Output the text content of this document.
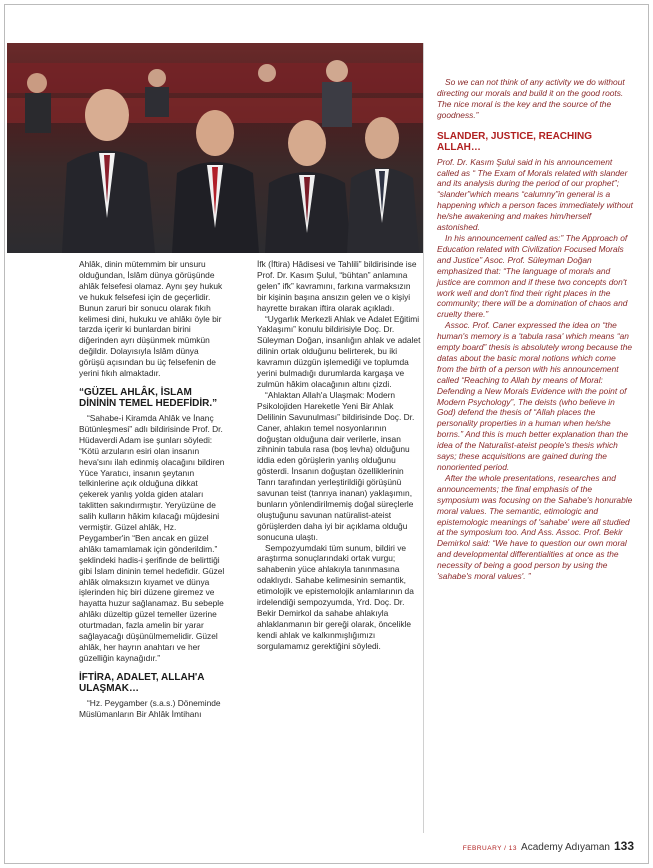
Ahlâk, dinin mütemmim bir unsuru olduğundan, İslâm dünya görüşünde ahlâk felsefesi olamaz. Aynı şey hukuk ve hukuk felsefesi için de geçerlidir. Bunun zaruri bir sonucu olarak fıkıh kelimesi dini, hukuku ve ahlâkı öyle bir tarzda içerir ki bunlardan birini diğerinden ayrı düşünmek mümkün değildir. Dolayısıyla İslâm dünya görüşü açısından bu üç felsefenin de yerini fıkıh almaktadır.

“GÜZEL AHLÂK, İSLAM DİNİNİN TEMEL HEDEFİDİR.”

“Sahabe-i Kiramda Ahlâk ve İnanç Bütünleşmesi” adlı bildirisinde Prof. Dr. Hüdaverdi Adam ise şunları söyledi: “Kötü arzuların esiri olan insanın heva'sını ilah edinmiş olacağını bildiren Yüce Yaratıcı, insanın şeytanın telkinlerine açık olduğuna dikkat çekerek yanlış yolda giden ataları taklitten sakındırmıştır. Yeryüzüne de salih kulların hâkim kılacağı müjdesini vermiştir. Güzel ahlâk, Hz. Peygamber'in “Ben ancak en güzel ahlâkı tamamlamak için gönderildim.” şeklindeki hadis-i şerifinde de belirttiği gibi İslam dininin temel hedefidir. Güzel ahlâk olmaksızın kıyamet ve dünya işlerinden hiç biri düzene giremez ve hayatta huzur sağlanamaz. Bu sebeple ahlâkı düzeltip güzel temeller üzerine oturtmadan, fazla amelin bir yarar sağlayacağı düşünülmemelidir. Güzel ahlâk, her hayrın anahtarı ve her güzelliğin kaynağıdır.”

İFTİRA, ADALET, ALLAH'A ULAŞMAK…

“Hz. Peygamber (s.a.s.) Döneminde Müslümanların Bir Ahlâk İmtihanı

İfk (İftira) Hâdisesi ve Tahlili” bildirisinde ise Prof. Dr. Kasım Şulul, “bühtan” anlamına gelen” ifk” kavramını, farkına varmaksızın bir kişinin başına ansızın gelen ve o kişiyi hayrette bırakan iftira olarak açıkladı.

“Uygarlık Merkezli Ahlak ve Adalet Eğitimi Yaklaşımı” konulu bildirisiyle Doç. Dr. Süleyman Doğan, insanlığın ahlak ve adalet dilinin ortak olduğunu belirterek, bu iki kavramın düzgün işlemediği ve toplumda yerini bulmadığı durumlarda kargaşa ve zulmün hâkim olacağının altını çizdi.

“Ahlaktan Allah'a Ulaşmak: Modern Psikolojiden Hareketle Yeni Bir Ahlak Delilinin Savunulması” bildirisinde Doç. Dr. Caner, ahlakın temel nosyonlarının doğuştan olduğuna dair verilerle, insan zihninin tabula rasa (boş levha) olduğunu iddia eden görüşlerin yanlış olduğunu gösterdi. İnsanın doğuştan özelliklerinin Tanrı tarafından yerleştirildiği görüşünü savunan teist (tanrıya inanan) yaklaşımın, bunların yönlendirilmemiş doğal süreçlerle oluştuğunu savunan natüralist-ateist görüşlerden daha iyi bir açıklama olduğu sonucuna ulaştı.

Sempozyumdaki tüm sunum, bildiri ve araştırma sonuçlarındaki ortak vurgu; sahabenin yüce ahlakıyla tanınmasına odaklıydı. Sahabe kelimesinin semantik, etimolojik ve epistemolojik anlamlarının da irdelendiği sempozyumda, Yrd. Doç. Dr. Bekir Demirkol da sahabe ahlakıyla ahlaklanmanın bir gereği olarak, öncelikle kendi ahlak ve kalkınmışlığımızı sorgulamamız gerektiğini söyledi.

So we can not think of any activity we do without directing our morals and build it on the good roots. The nice moral is the key and the source of the goodness.”

SLANDER, JUSTICE, REACHING ALLAH…

Prof. Dr. Kasım Şului said in his announcement called as “ The Exam of Morals related with slander and its analysis during the period of our prophet”; “slander”which means “calumny”in general is a happening which a person faces immediately without he/she awakening and makes him/herself astonished.

In his announcement called as:” The Approach of Education related with Civilization Focused Morals and Justice” Asoc. Prof. Süleyman Doğan emphasized that: “The language of morals and justice are common and if these two concepts don't work well and don't find their right places in the community; there will be a domination of chaos and cruelty there.”

Assoc. Prof. Caner expressed the idea on “the human's memory is a 'tabula rasa' which means “an empty board” thesis is absolutely wrong because the datas about the basic moral notions which come from the birth of a person with his announcement called “Reaching to Allah by means of Moral: Defending a New Morals Evidence with the point of Modern Psychology”, The deists (who believe in God) defend the thesis of “Allah places the personality properties in a human when he/she borns.” And this is much better explanation than the idea of the Naturalist-ateist people's thesis which says; these acquisitions are gained during the nonoriented period.

After the whole presentations, researches and announcements; the final emphasis of the symposium was focusing on the Sahabe's honurable moral values. The semantic, etimologic and epistemologic meanings of 'sahabe' were all studied at the symposium too. And Ass. Assoc. Prof. Bekir Demirkol said: “We have to question our own moral and developmental differentialities at once as the necessity of being a good person by using the 'sahabe's moral values'. ”

FEBRUARY / 13 Academy Adıyaman 133
